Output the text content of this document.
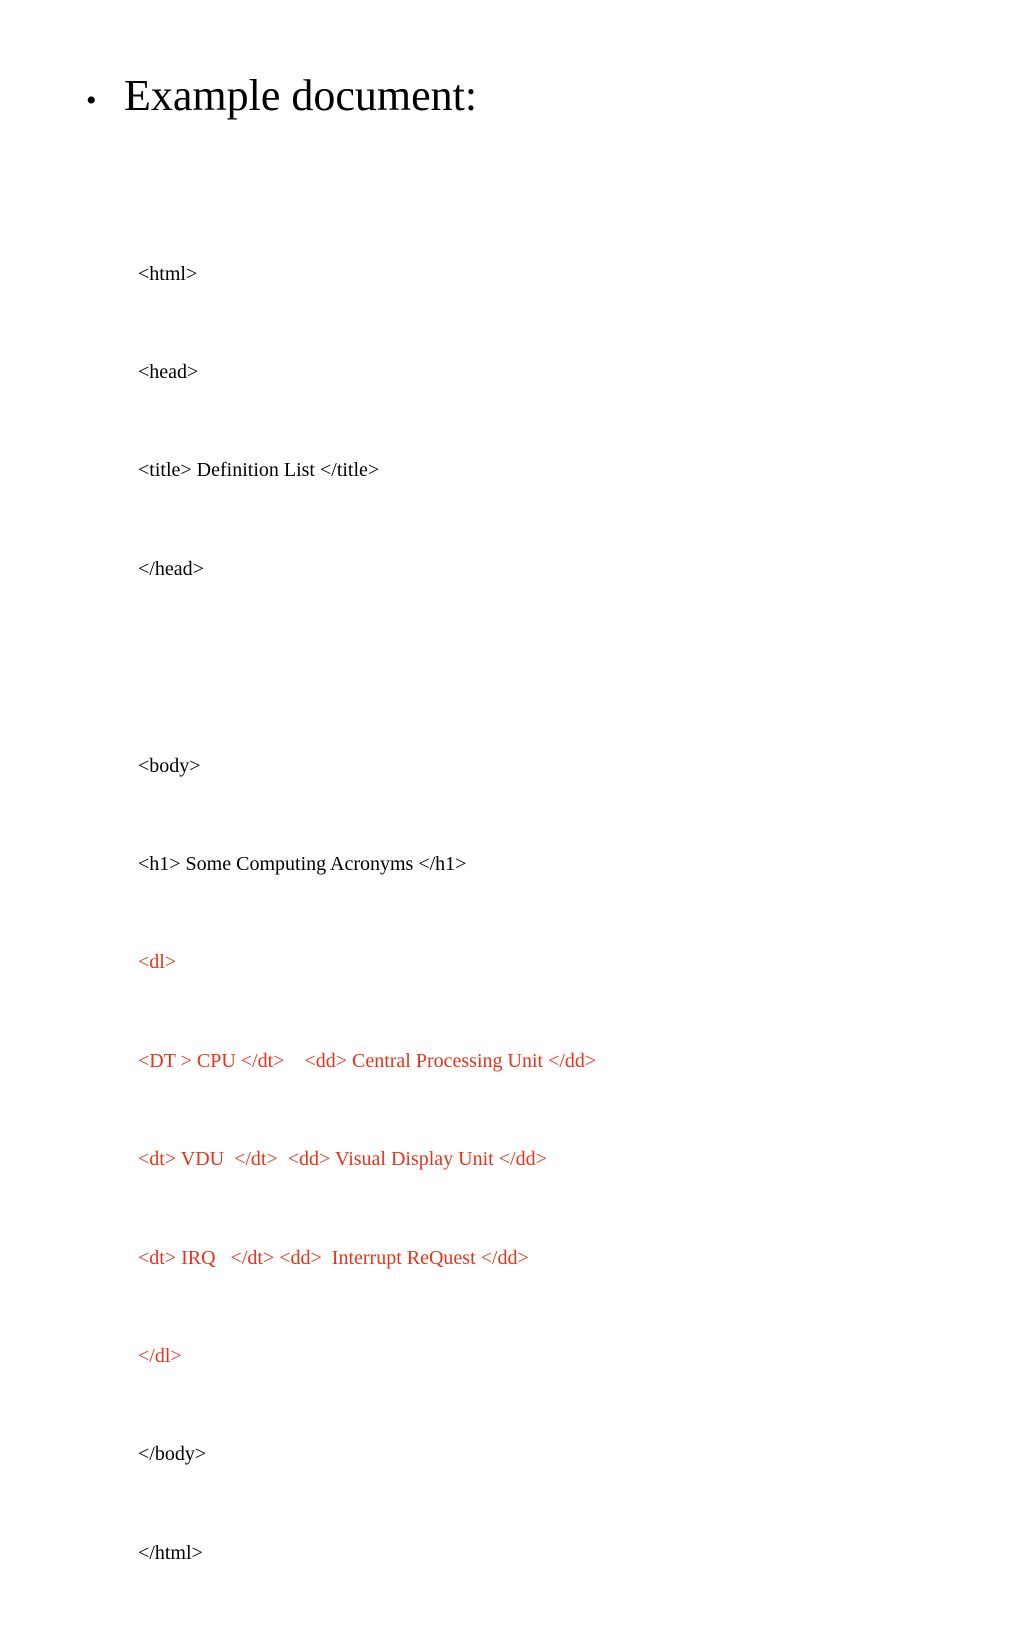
• Example document:

<html>

<head>

<title> Definition List </title>

</head>

<body>

<h1> Some Computing Acronyms </h1>

<dl>

<DT > CPU </dt>    <dd> Central Processing Unit </dd>

<dt> VDU  </dt>  <dd> Visual Display Unit </dd>

<dt> IRQ   </dt> <dd>  Interrupt ReQuest </dd>

</dl>

</body>

</html>
